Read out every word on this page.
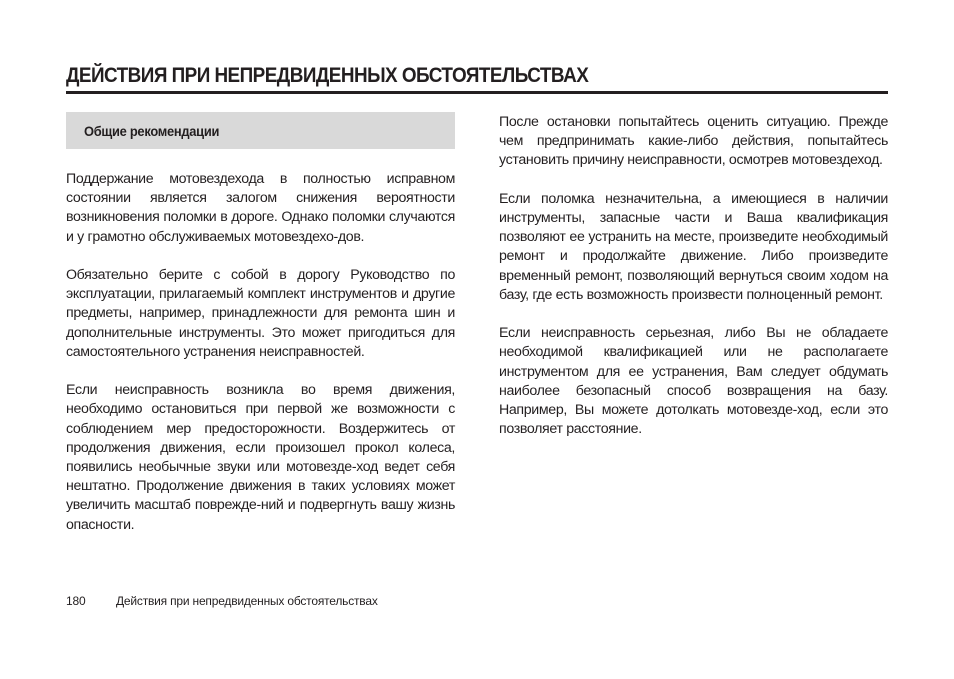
ДЕЙСТВИЯ ПРИ НЕПРЕДВИДЕННЫХ ОБСТОЯТЕЛЬСТВАХ
Общие рекомендации

Поддержание мотовездехода в полностью исправном состоянии является залогом снижения вероятности возникновения поломки в дороге. Однако поломки случаются и у грамотно обслуживаемых мотовездехо-дов.

Обязательно берите с собой в дорогу Руководство по эксплуатации, прилагаемый комплект инструментов и другие предметы, например, принадлежности для ремонта шин и дополнительные инструменты. Это может пригодиться для самостоятельного устранения неисправностей.

Если неисправность возникла во время движения, необходимо остановиться при первой же возможности с соблюдением мер предосторожности. Воздержитесь от продолжения движения, если произошел прокол колеса, появились необычные звуки или мотовезде-ход ведет себя нештатно. Продолжение движения в таких условиях может увеличить масштаб поврежде-ний и подвергнуть вашу жизнь опасности.

После остановки попытайтесь оценить ситуацию. Прежде чем предпринимать какие-либо действия, попытайтесь установить причину неисправности, осмотрев мотовездеход.

Если поломка незначительна, а имеющиеся в наличии инструменты, запасные части и Ваша квалификация позволяют ее устранить на месте, произведите необходимый ремонт и продолжайте движение. Либо произведите временный ремонт, позволяющий вернуться своим ходом на базу, где есть возможность произвести полноценный ремонт.

Если неисправность серьезная, либо Вы не обладаете необходимой квалификацией или не располагаете инструментом для ее устранения, Вам следует обдумать наиболее безопасный способ возвращения на базу. Например, Вы можете дотолкать мотовезде-ход, если это позволяет расстояние.

180	Действия при непредвиденных обстоятельствах
